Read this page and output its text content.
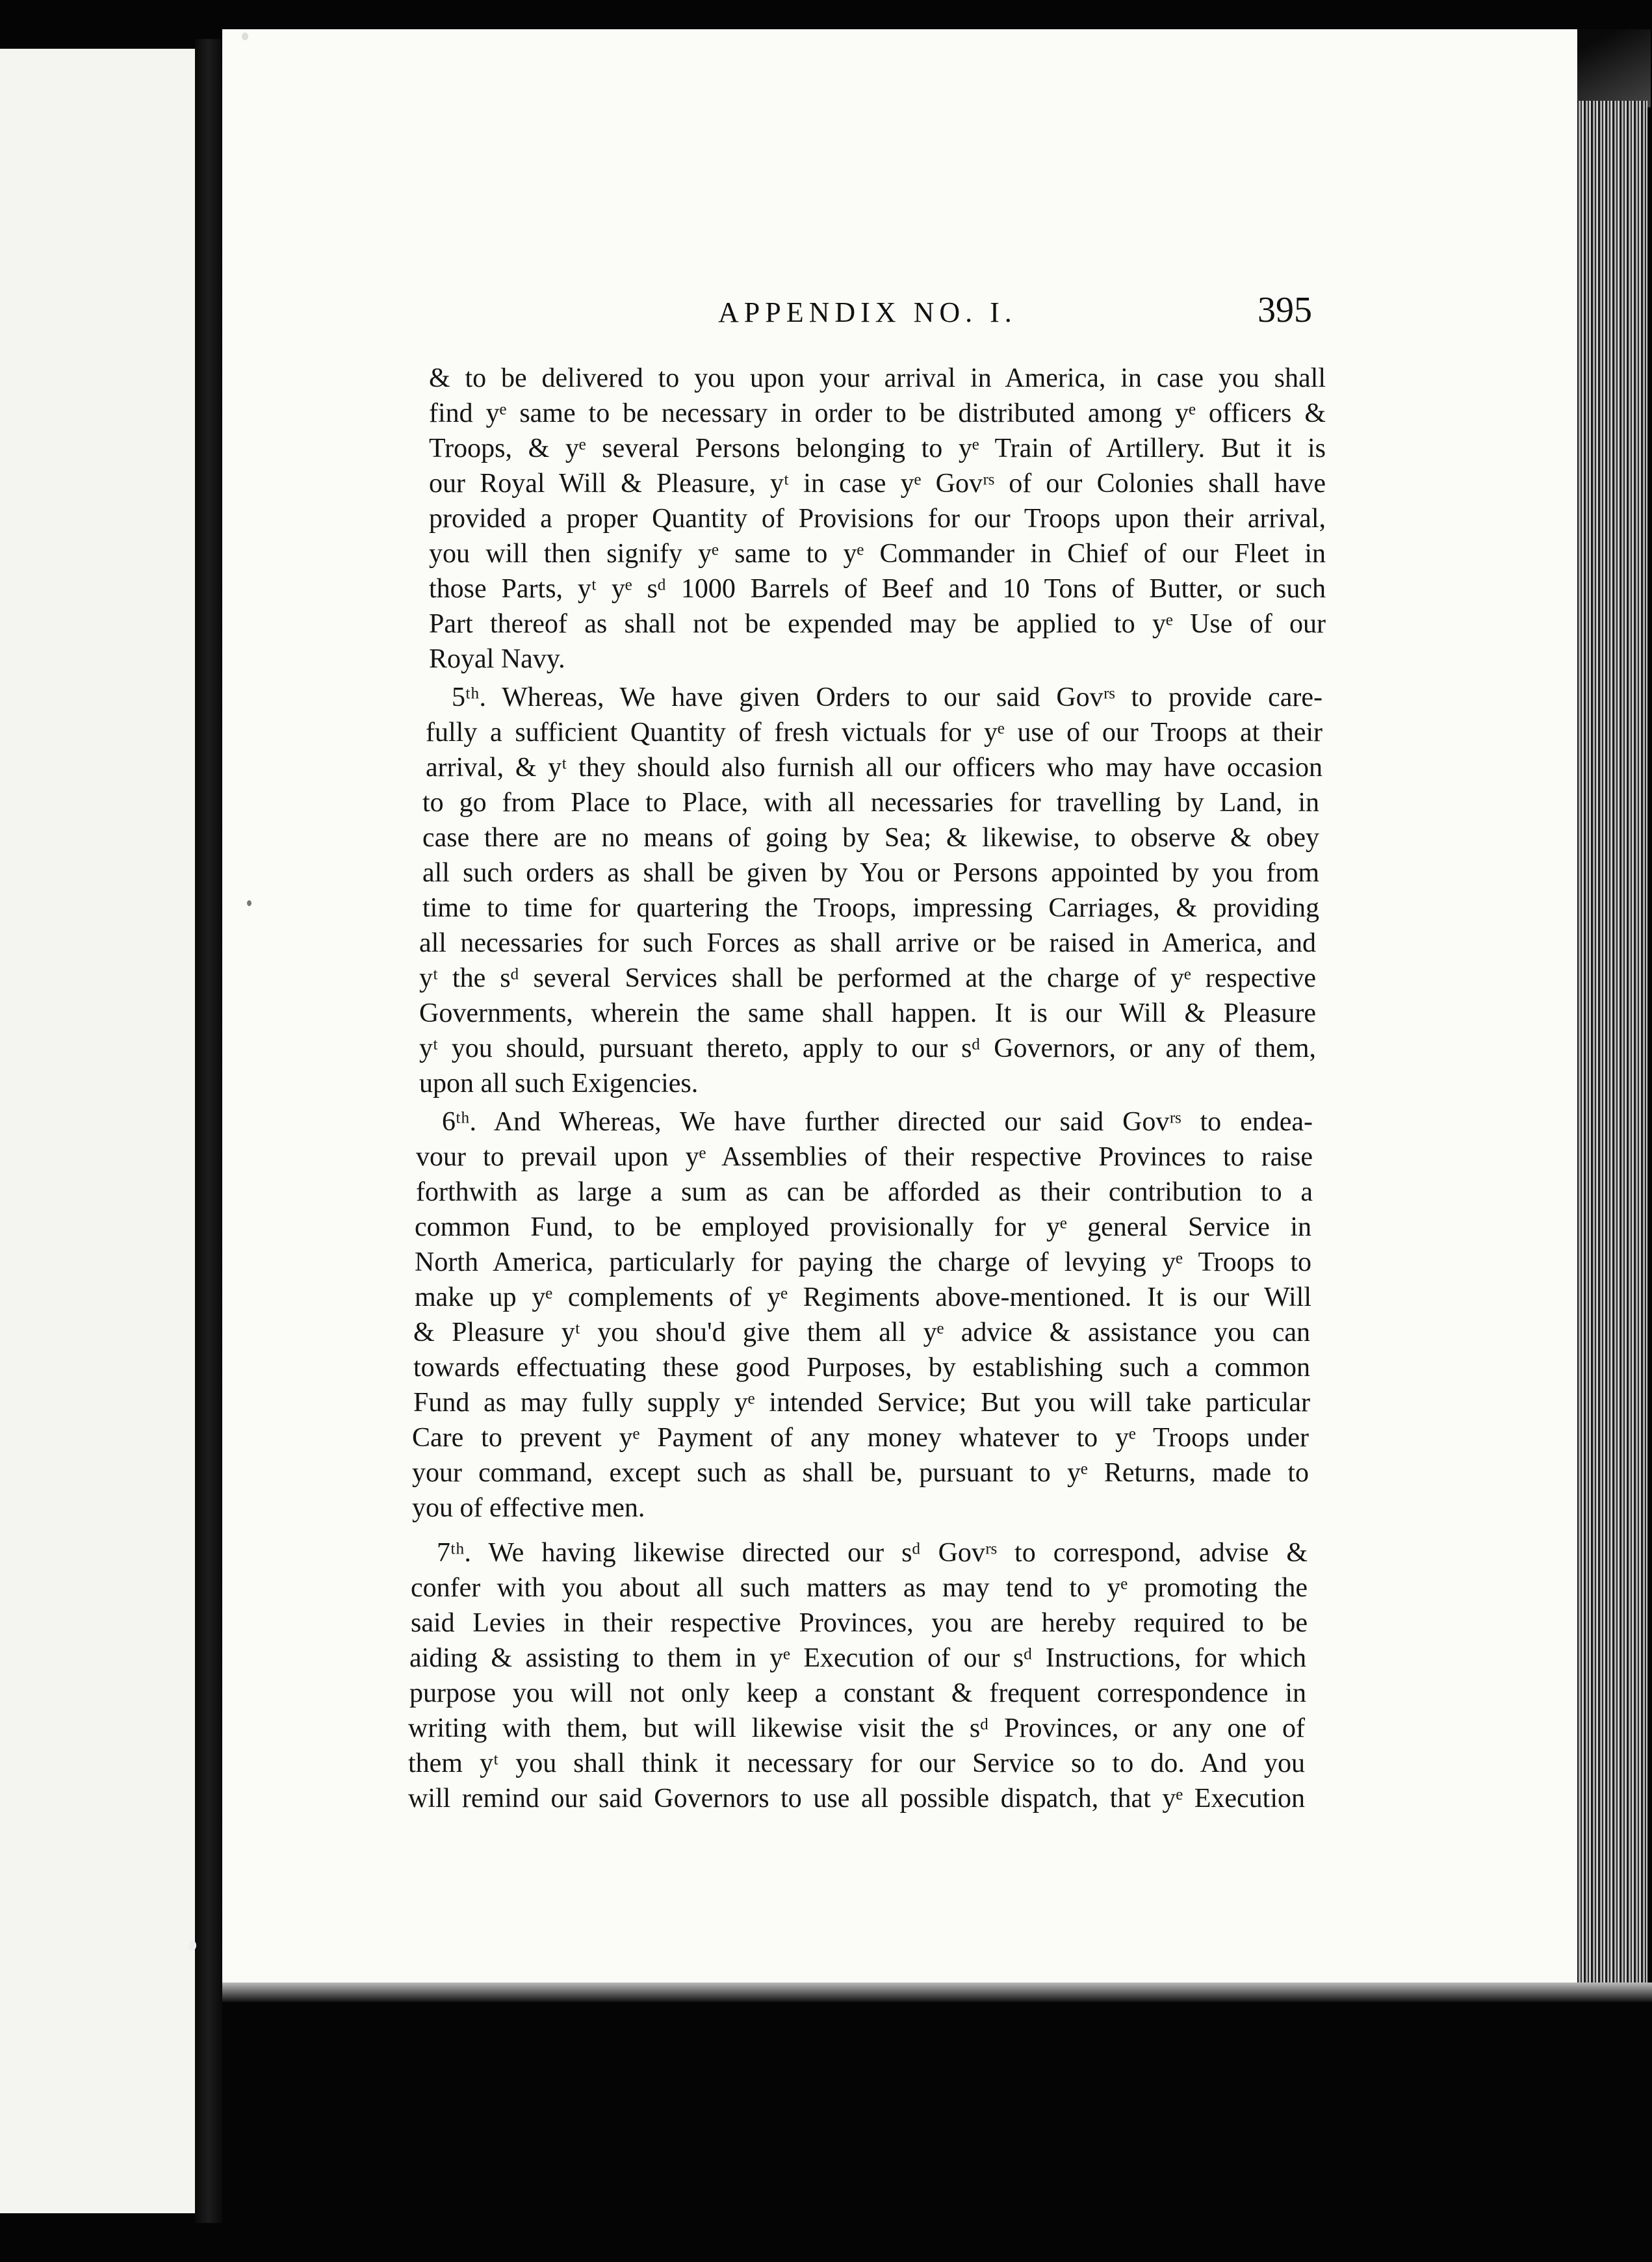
APPENDIX NO. I.	395
& to be delivered to you upon your arrival in America, in case you shall
find yᵉ same to be necessary in order to be distributed among yᵉ officers &
Troops, & yᵉ several Persons belonging to yᵉ Train of Artillery. But it is
our Royal Will & Pleasure, yᵗ in case yᵉ Govʳˢ of our Colonies shall have
provided a proper Quantity of Provisions for our Troops upon their arrival,
you will then signify yᵉ same to yᵉ Commander in Chief of our Fleet in
those Parts, yᵗ yᵉ sᵈ 1000 Barrels of Beef and 10 Tons of Butter, or such
Part thereof as shall not be expended may be applied to yᵉ Use of our
Royal Navy.
5ᵗʰ. Whereas, We have given Orders to our said Govʳˢ to provide care-
fully a sufficient Quantity of fresh victuals for yᵉ use of our Troops at their
arrival, & yᵗ they should also furnish all our officers who may have occasion
to go from Place to Place, with all necessaries for travelling by Land, in
case there are no means of going by Sea; & likewise, to observe & obey
all such orders as shall be given by You or Persons appointed by you from
time to time for quartering the Troops, impressing Carriages, & providing
all necessaries for such Forces as shall arrive or be raised in America, and
yᵗ the sᵈ several Services shall be performed at the charge of yᵉ respective
Governments, wherein the same shall happen. It is our Will & Pleasure
yᵗ you should, pursuant thereto, apply to our sᵈ Governors, or any of them,
upon all such Exigencies.
6ᵗʰ. And Whereas, We have further directed our said Govʳˢ to endea-
vour to prevail upon yᵉ Assemblies of their respective Provinces to raise
forthwith as large a sum as can be afforded as their contribution to a
common Fund, to be employed provisionally for yᵉ general Service in
North America, particularly for paying the charge of levying yᵉ Troops to
make up yᵉ complements of yᵉ Regiments above-mentioned. It is our Will
& Pleasure yᵗ you shou'd give them all yᵉ advice & assistance you can
towards effectuating these good Purposes, by establishing such a common
Fund as may fully supply yᵉ intended Service; But you will take particular
Care to prevent yᵉ Payment of any money whatever to yᵉ Troops under
your command, except such as shall be, pursuant to yᵉ Returns, made to
you of effective men.
7ᵗʰ. We having likewise directed our sᵈ Govʳˢ to correspond, advise &
confer with you about all such matters as may tend to yᵉ promoting the
said Levies in their respective Provinces, you are hereby required to be
aiding & assisting to them in yᵉ Execution of our sᵈ Instructions, for which
purpose you will not only keep a constant & frequent correspondence in
writing with them, but will likewise visit the sᵈ Provinces, or any one of
them yᵗ you shall think it necessary for our Service so to do. And you
will remind our said Governors to use all possible dispatch, that yᵉ Execution
